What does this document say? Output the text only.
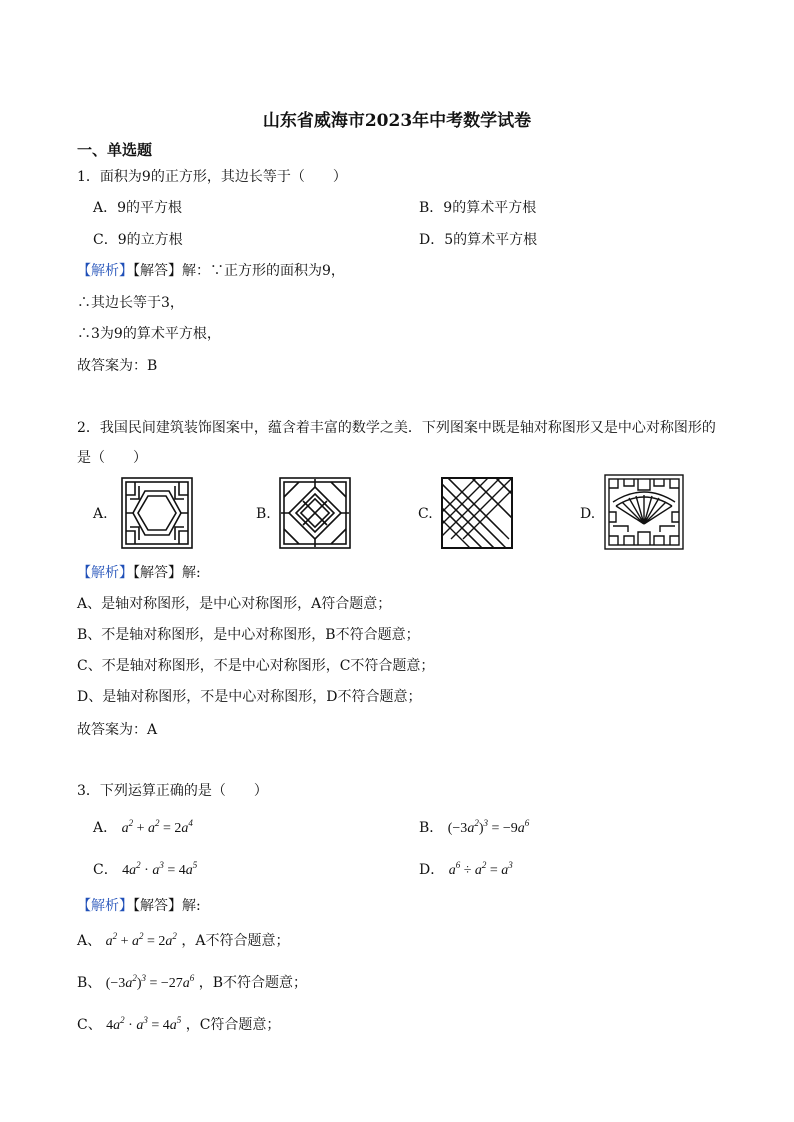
山东省威海市2023年中考数学试卷
一、单选题
1．面积为9的正方形，其边长等于（　　）
A．9的平方根	B．9的算术平方根
C．9的立方根	D．5的算术平方根
【解析】【解答】解：∵正方形的面积为9，
∴其边长等于3，
∴3为9的算术平方根，
故答案为：B
2．我国民间建筑装饰图案中，蕴含着丰富的数学之美．下列图案中既是轴对称图形又是中心对称图形的
是（　　）
A.	B.	C.	D.
【解析】【解答】解:
A、是轴对称图形，是中心对称图形，A符合题意；
B、不是轴对称图形，是中心对称图形，B不符合题意；
C、不是轴对称图形，不是中心对称图形，C不符合题意；
D、是轴对称图形，不是中心对称图形，D不符合题意；
故答案为：A
3．下列运算正确的是（　　）
A． $a^2 + a^2 = 2a^4$	B． $(-3a^2)^3 = -9a^6$
C． $4a^2 \cdot a^3 = 4a^5$	D． $a^6 \div a^2 = a^3$
【解析】【解答】解:
A、 $a^2 + a^2 = 2a^2$ ，A不符合题意；
B、 $(-3a^2)^3 = -27a^6$ ，B不符合题意；
C、 $4a^2 \cdot a^3 = 4a^5$ ，C符合题意；
